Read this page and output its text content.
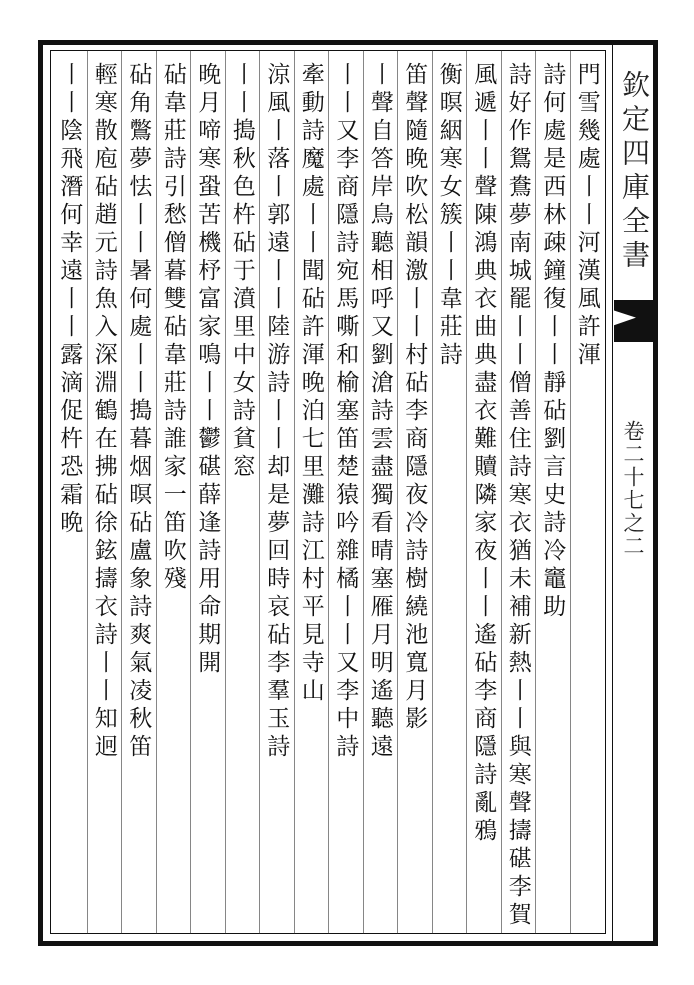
欽定四庫全書
卷二十七之二
門雪幾處丨丨河漢風許渾
詩何處是西林疎鐘復丨丨靜砧劉言史詩冷竈助
詩好作鴛鴦夢南城罷丨丨僧善住詩寒衣猶未補新熱丨丨與寒聲擣碪李賀
風遞丨丨聲陳鴻典衣曲典盡衣難贖隣家夜丨丨遙砧李商隱詩亂鴉
衡暝絪寒女簇丨丨韋莊詩
笛聲隨晚吹松韻激丨丨村砧李商隱夜冷詩樹繞池寬月影
丨聲自答岸鳥聽相呼又劉滄詩雲盡獨看晴塞雁月明遙聽遠
丨丨又李商隱詩宛馬嘶和榆塞笛楚猿吟雜橘丨丨又李中詩
牽動詩魔處丨丨聞砧許渾晚泊七里灘詩江村平見寺山
涼風丨落丨郭遠丨丨陸游詩丨丨却是夢回時哀砧李羣玉詩
丨丨搗秋色杵砧于濆里中女詩貧窓
晚月啼寒蛩苦機杼富家鳴丨丨鬱碪薛逢詩用命期開
砧韋莊詩引愁僧暮雙砧韋莊詩誰家一笛吹殘
砧角鷩夢怯丨丨暑何處丨丨搗暮烟暝砧盧象詩爽氣凌秋笛
輕寒散庖砧趙元詩魚入深淵鶴在拂砧徐鉉擣衣詩丨丨知迥
丨丨陰飛潛何幸遠丨丨露滴促杵恐霜晩
